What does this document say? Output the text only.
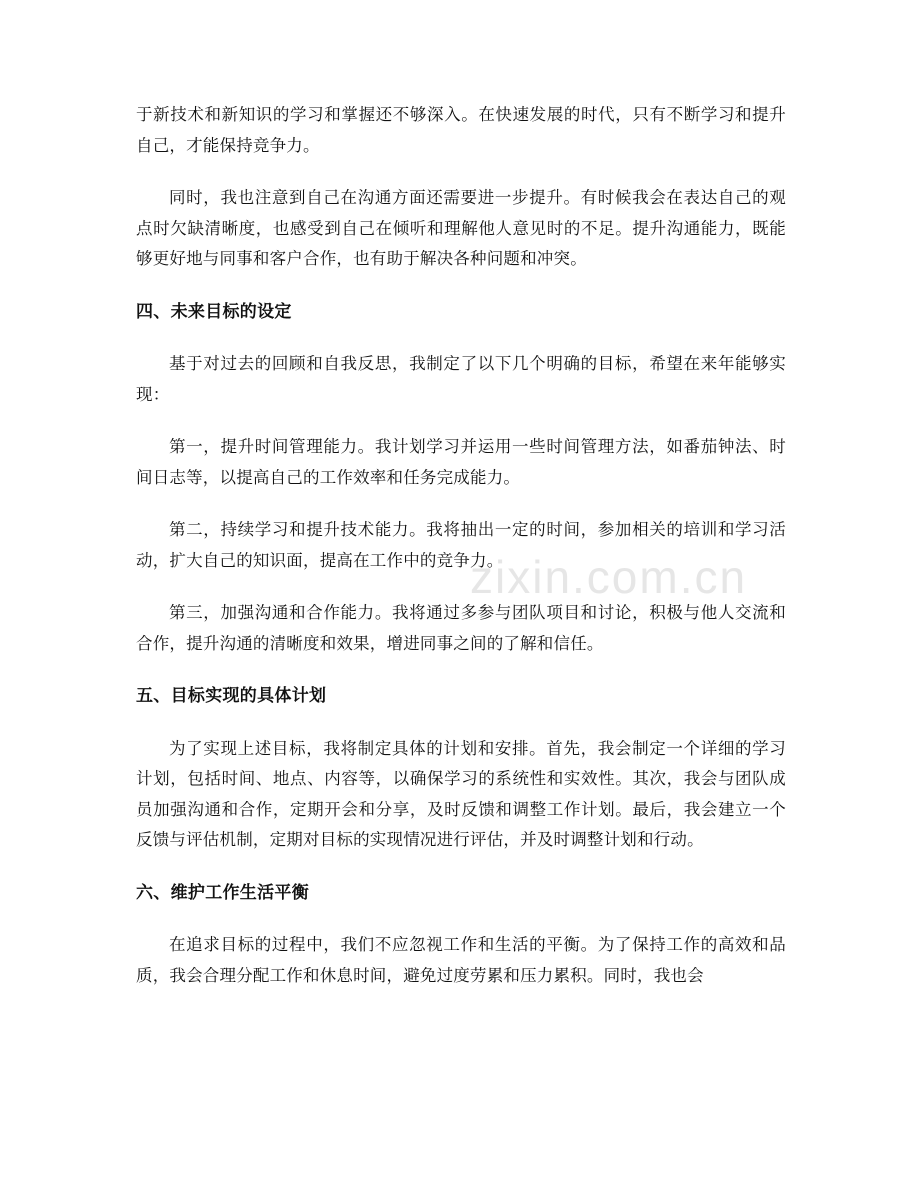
于新技术和新知识的学习和掌握还不够深入。在快速发展的时代，只有不断学习和提升自己，才能保持竞争力。

同时，我也注意到自己在沟通方面还需要进一步提升。有时候我会在表达自己的观点时欠缺清晰度，也感受到自己在倾听和理解他人意见时的不足。提升沟通能力，既能够更好地与同事和客户合作，也有助于解决各种问题和冲突。

四、未来目标的设定

基于对过去的回顾和自我反思，我制定了以下几个明确的目标，希望在来年能够实现：

第一，提升时间管理能力。我计划学习并运用一些时间管理方法，如番茄钟法、时间日志等，以提高自己的工作效率和任务完成能力。

第二，持续学习和提升技术能力。我将抽出一定的时间，参加相关的培训和学习活动，扩大自己的知识面，提高在工作中的竞争力。

第三，加强沟通和合作能力。我将通过多参与团队项目和讨论，积极与他人交流和合作，提升沟通的清晰度和效果，增进同事之间的了解和信任。

五、目标实现的具体计划

为了实现上述目标，我将制定具体的计划和安排。首先，我会制定一个详细的学习计划，包括时间、地点、内容等，以确保学习的系统性和实效性。其次，我会与团队成员加强沟通和合作，定期开会和分享，及时反馈和调整工作计划。最后，我会建立一个反馈与评估机制，定期对目标的实现情况进行评估，并及时调整计划和行动。

六、维护工作生活平衡

在追求目标的过程中，我们不应忽视工作和生活的平衡。为了保持工作的高效和品质，我会合理分配工作和休息时间，避免过度劳累和压力累积。同时，我也会

zixin.com.cn
